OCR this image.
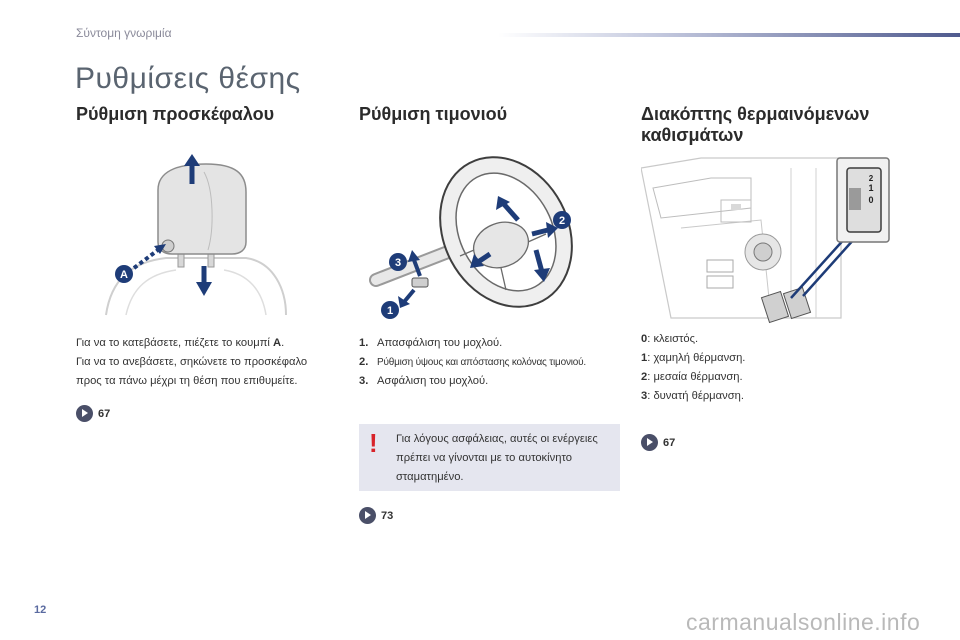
Σύντομη γνωριμία
Ρυθμίσεις θέσης
Ρύθμιση προσκέφαλου
A
Για να το κατεβάσετε, πιέζετε το κουμπί A.
Για να το ανεβάσετε, σηκώνετε το προσκέφαλο
προς τα πάνω μέχρι τη θέση που επιθυμείτε.
67
Ρύθμιση τιμονιού
1
2
3
1. Απασφάλιση του μοχλού.
2. Ρύθμιση ύψους και απόστασης κολόνας τιμονιού.
3. Ασφάλιση του μοχλού.
! Για λόγους ασφάλειας, αυτές οι ενέργειες πρέπει να γίνονται με το αυτοκίνητο σταματημένο.
73
Διακόπτης θερμαινόμενων
καθισμάτων
2
1
0
0: κλειστός.
1: χαμηλή θέρμανση.
2: μεσαία θέρμανση.
3: δυνατή θέρμανση.
67
12	carmanualsonline.info
